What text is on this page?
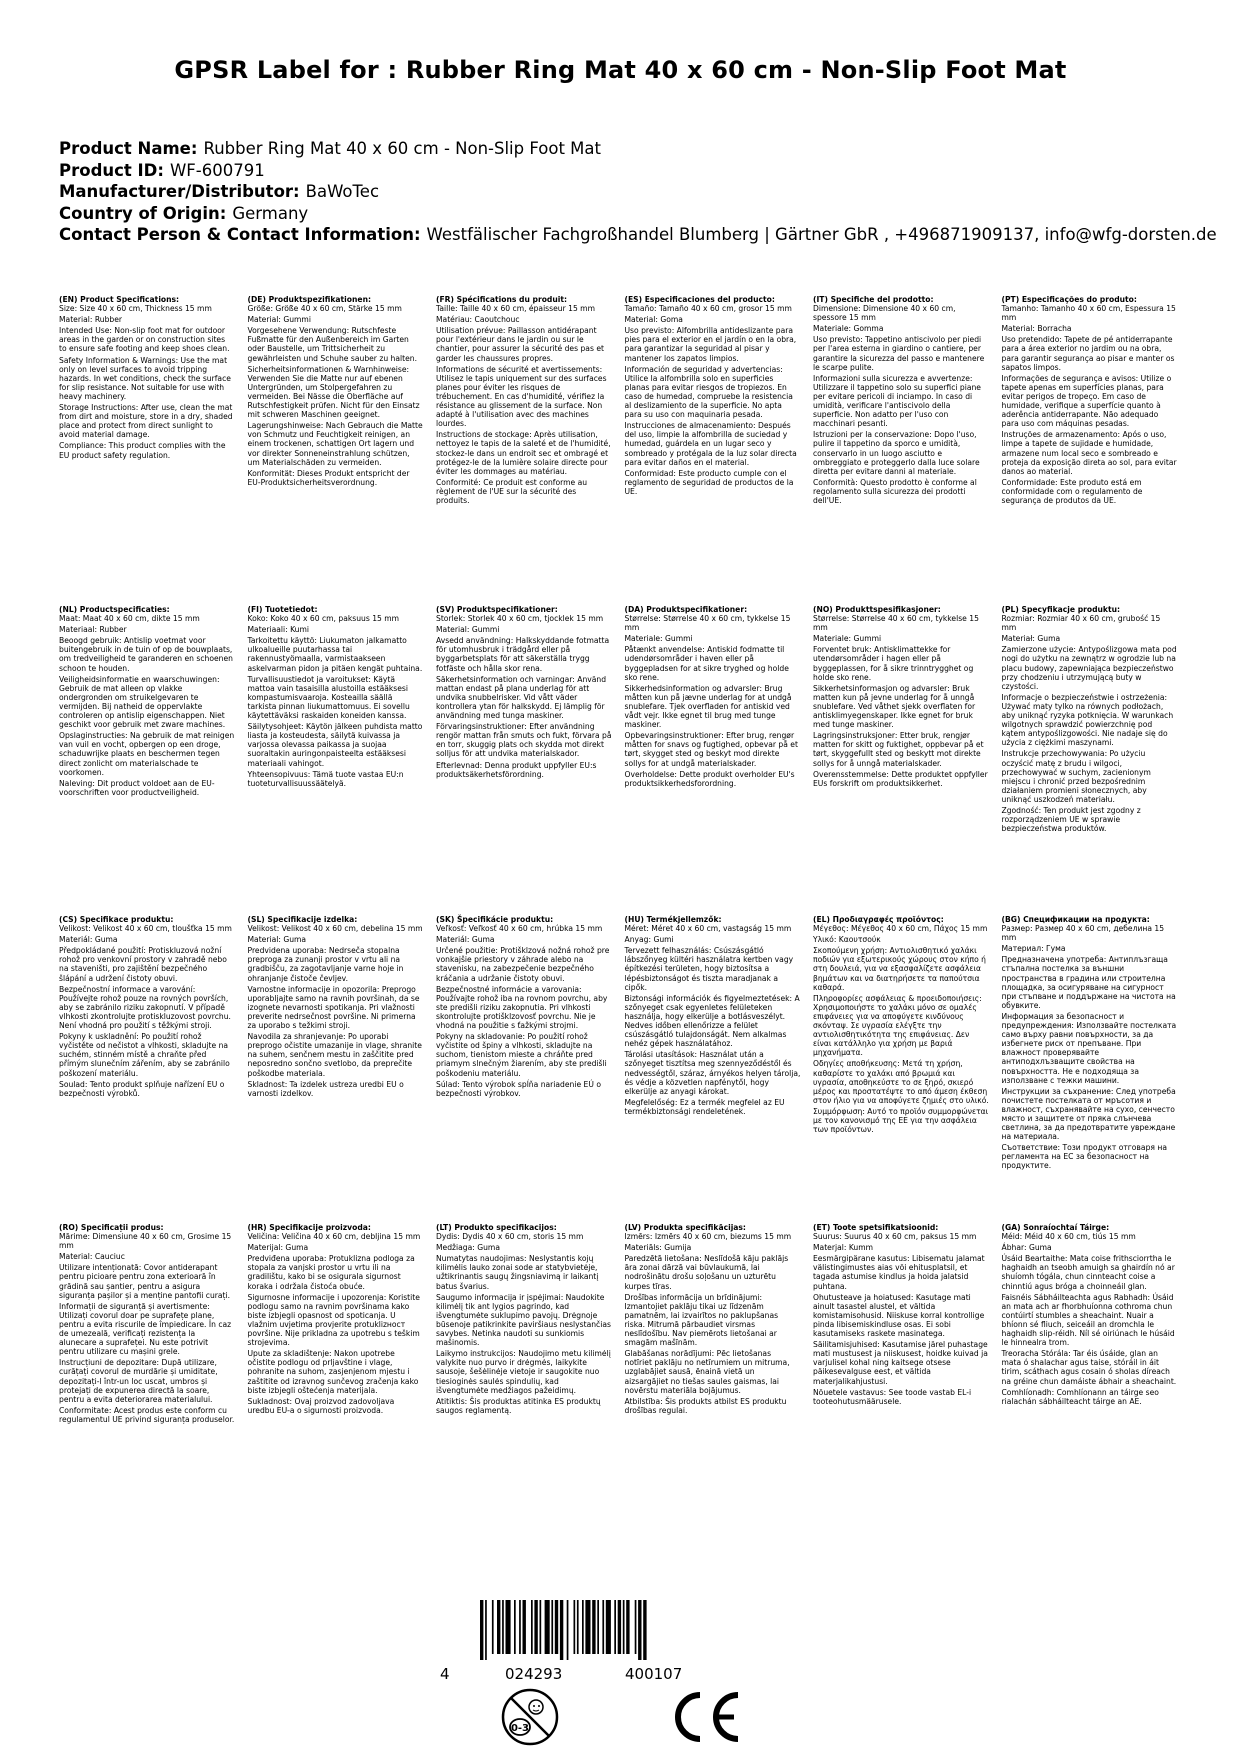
GPSR Label for : Rubber Ring Mat 40 x 60 cm - Non-Slip Foot Mat
Product Name: Rubber Ring Mat 40 x 60 cm - Non-Slip Foot Mat
Product ID: WF-600791
Manufacturer/Distributor: BaWoTec
Country of Origin: Germany
Contact Person & Contact Information: Westfälischer Fachgroßhandel Blumberg | Gärtner GbR , +496871909137, info@wfg-dorsten.de
(EN) Product Specifications:
Size: Size 40 x 60 cm, Thickness 15 mm
Material: Rubber
Intended Use: Non-slip foot mat for outdoor areas in the garden or on construction sites to ensure safe footing and keep shoes clean.
Safety Information & Warnings: Use the mat only on level surfaces to avoid tripping hazards. In wet conditions, check the surface for slip resistance. Not suitable for use with heavy machinery.
Storage Instructions: After use, clean the mat from dirt and moisture, store in a dry, shaded place and protect from direct sunlight to avoid material damage.
Compliance: This product complies with the EU product safety regulation.
(DE) Produktspezifikationen:
Größe: Größe 40 x 60 cm, Stärke 15 mm
Material: Gummi
Vorgesehene Verwendung: Rutschfeste Fußmatte für den Außenbereich im Garten oder Baustelle, um Trittsicherheit zu gewährleisten und Schuhe sauber zu halten.
Sicherheitsinformationen & Warnhinweise: Verwenden Sie die Matte nur auf ebenen Untergründen, um Stolpergefahren zu vermeiden. Bei Nässe die Oberfläche auf Rutschfestigkeit prüfen. Nicht für den Einsatz mit schweren Maschinen geeignet.
Lagerungshinweise: Nach Gebrauch die Matte von Schmutz und Feuchtigkeit reinigen, an einem trockenen, schattigen Ort lagern und vor direkter Sonneneinstrahlung schützen, um Materialschäden zu vermeiden.
Konformität: Dieses Produkt entspricht der EU-Produktsicherheitsverordnung.
(FR) Spécifications du produit:
Taille: Taille 40 x 60 cm, épaisseur 15 mm
Matériau: Caoutchouc
Utilisation prévue: Paillasson antidérapant pour l'extérieur dans le jardin ou sur le chantier, pour assurer la sécurité des pas et garder les chaussures propres.
Informations de sécurité et avertissements: Utilisez le tapis uniquement sur des surfaces planes pour éviter les risques de trébuchement. En cas d'humidité, vérifiez la résistance au glissement de la surface. Non adapté à l'utilisation avec des machines lourdes.
Instructions de stockage: Après utilisation, nettoyez le tapis de la saleté et de l'humidité, stockez-le dans un endroit sec et ombragé et protégez-le de la lumière solaire directe pour éviter les dommages au matériau.
Conformité: Ce produit est conforme au règlement de l'UE sur la sécurité des produits.
(ES) Especificaciones del producto:
Tamaño: Tamaño 40 x 60 cm, grosor 15 mm
Material: Goma
Uso previsto: Alfombrilla antideslizante para pies para el exterior en el jardín o en la obra, para garantizar la seguridad al pisar y mantener los zapatos limpios.
Información de seguridad y advertencias: Utilice la alfombrilla solo en superficies planas para evitar riesgos de tropiezos. En caso de humedad, compruebe la resistencia al deslizamiento de la superficie. No apta para su uso con maquinaria pesada.
Instrucciones de almacenamiento: Después del uso, limpie la alfombrilla de suciedad y humedad, guárdela en un lugar seco y sombreado y protégala de la luz solar directa para evitar daños en el material.
Conformidad: Este producto cumple con el reglamento de seguridad de productos de la UE.
(IT) Specifiche del prodotto:
Dimensione: Dimensione 40 x 60 cm, spessore 15 mm
Materiale: Gomma
Uso previsto: Tappetino antiscivolo per piedi per l'area esterna in giardino o cantiere, per garantire la sicurezza del passo e mantenere le scarpe pulite.
Informazioni sulla sicurezza e avvertenze: Utilizzare il tappetino solo su superfici piane per evitare pericoli di inciampo. In caso di umidità, verificare l'antiscivolo della superficie. Non adatto per l'uso con macchinari pesanti.
Istruzioni per la conservazione: Dopo l'uso, pulire il tappetino da sporco e umidità, conservarlo in un luogo asciutto e ombreggiato e proteggerlo dalla luce solare diretta per evitare danni al materiale.
Conformità: Questo prodotto è conforme al regolamento sulla sicurezza dei prodotti dell'UE.
(PT) Especificações do produto:
Tamanho: Tamanho 40 x 60 cm, Espessura 15 mm
Material: Borracha
Uso pretendido: Tapete de pé antiderrapante para a área exterior no jardim ou na obra, para garantir segurança ao pisar e manter os sapatos limpos.
Informações de segurança e avisos: Utilize o tapete apenas em superfícies planas, para evitar perigos de tropeço. Em caso de humidade, verifique a superfície quanto à aderência antiderrapante. Não adequado para uso com máquinas pesadas.
Instruções de armazenamento: Após o uso, limpe a tapete de sujidade e humidade, armazene num local seco e sombreado e proteja da exposição direta ao sol, para evitar danos ao material.
Conformidade: Este produto está em conformidade com o regulamento de segurança de produtos da UE.
(NL) Productspecificaties:
Maat: Maat 40 x 60 cm, dikte 15 mm
Materiaal: Rubber
Beoogd gebruik: Antislip voetmat voor buitengebruik in de tuin of op de bouwplaats, om tredveiligheid te garanderen en schoenen schoon te houden.
Veiligheidsinformatie en waarschuwingen: Gebruik de mat alleen op vlakke ondergronden om struikelgevaren te vermijden. Bij natheid de oppervlakte controleren op antislip eigenschappen. Niet geschikt voor gebruik met zware machines.
Opslaginstructies: Na gebruik de mat reinigen van vuil en vocht, opbergen op een droge, schaduwrijke plaats en beschermen tegen direct zonlicht om materialschade te voorkomen.
Naleving: Dit product voldoet aan de EU-voorschriften voor productveiligheid.
(FI) Tuotetiedot:
Koko: Koko 40 x 60 cm, paksuus 15 mm
Materiaali: Kumi
Tarkoitettu käyttö: Liukumaton jalkamatto ulkoalueille puutarhassa tai rakennustyömaalla, varmistaakseen askelvarman pidon ja pitäen kengät puhtaina.
Turvallisuustiedot ja varoitukset: Käytä mattoa vain tasaisilla alustoilla estääksesi kompastumisvaaroja. Kosteailla säällä tarkista pinnan liukumattomuus. Ei sovellu käytettäväksi raskaiden koneiden kanssa.
Säilytysohjeet: Käytön jälkeen puhdista matto liasta ja kosteudesta, säilytä kuivassa ja varjossa olevassa paikassa ja suojaa suoraltakin auringonpaisteelta estääksesi materiaali vahingot.
Yhteensopivuus: Tämä tuote vastaa EU:n tuoteturvallisuussäätelyä.
(SV) Produktspecifikationer:
Storlek: Storlek 40 x 60 cm, tjocklek 15 mm
Material: Gummi
Avsedd användning: Halkskyddande fotmatta för utomhusbruk i trädgård eller på byggarbetsplats för att säkerställa trygg fotfäste och hålla skor rena.
Säkerhetsinformation och varningar: Använd mattan endast på plana underlag för att undvika snubbelrisker. Vid vått väder kontrollera ytan för halkskydd. Ej lämplig för användning med tunga maskiner.
Förvaringsinstruktioner: Efter användning rengör mattan från smuts och fukt, förvara på en torr, skuggig plats och skydda mot direkt solljus för att undvika materialskador.
Efterlevnad: Denna produkt uppfyller EU:s produktsäkerhetsförordning.
(DA) Produktspecifikationer:
Størrelse: Størrelse 40 x 60 cm, tykkelse 15 mm
Materiale: Gummi
Påtænkt anvendelse: Antiskid fodmatte til udendørsområder i haven eller på byggepladsen for at sikre tryghed og holde sko rene.
Sikkerhedsinformation og advarsler: Brug måtten kun på jævne underlag for at undgå snublefare. Tjek overfladen for antiskid ved vådt vejr. Ikke egnet til brug med tunge maskiner.
Opbevaringsinstruktioner: Efter brug, rengør måtten for snavs og fugtighed, opbevar på et tørt, skygget sted og beskyt mod direkte sollys for at undgå materialskader.
Overholdelse: Dette produkt overholder EU's produktsikkerhedsforordning.
(NO) Produkttspesifikasjoner:
Størrelse: Størrelse 40 x 60 cm, tykkelse 15 mm
Materiale: Gummi
Forventet bruk: Antisklimattekke for utendørsområder i hagen eller på byggeplassen, for å sikre trinntrygghet og holde sko rene.
Sikkerhetsinformasjon og advarsler: Bruk matten kun på jevne underlag for å unngå snublefare. Ved våthet sjekk overflaten for antisklimyegenskaper. Ikke egnet for bruk med tunge maskiner.
Lagringsinstruksjoner: Etter bruk, rengjør matten for skitt og fuktighet, oppbevar på et tørt, skyggefullt sted og beskytt mot direkte sollys for å unngå materialskader.
Overensstemmelse: Dette produktet oppfyller EUs forskrift om produktsikkerhet.
(PL) Specyfikacje produktu:
Rozmiar: Rozmiar 40 x 60 cm, grubość 15 mm
Materiał: Guma
Zamierzone użycie: Antypoślizgowa mata pod nogi do użytku na zewnątrz w ogrodzie lub na placu budowy, zapewniająca bezpieczeństwo przy chodzeniu i utrzymującą buty w czystości.
Informacje o bezpieczeństwie i ostrzeżenia: Używać maty tylko na równych podłożach, aby uniknąć ryzyka potknięcia. W warunkach wilgotnych sprawdzić powierzchnię pod kątem antypoślizgowości. Nie nadaje się do użycia z ciężkimi maszynami.
Instrukcje przechowywania: Po użyciu oczyścić matę z brudu i wilgoci, przechowywać w suchym, zacienionym miejscu i chronić przed bezpośrednim działaniem promieni słonecznych, aby uniknąć uszkodzeń materiału.
Zgodność: Ten produkt jest zgodny z rozporządzeniem UE w sprawie bezpieczeństwa produktów.
(CS) Specifikace produktu:
Velikost: Velikost 40 x 60 cm, tloušťka 15 mm
Materiál: Guma
Předpokládané použití: Protiskluzová nožní rohož pro venkovní prostory v zahradě nebo na staveništi, pro zajištění bezpečného šlápání a udržení čistoty obuvi.
Bezpečnostní informace a varování: Používejte rohož pouze na rovných površích, aby se zabránilo riziku zakopnutí. V případě vlhkosti zkontrolujte protiskluzovost povrchu. Není vhodná pro použití s těžkými stroji.
Pokyny k uskladnění: Po použití rohož vyčistěte od nečistot a vlhkosti, skladujte na suchém, stinném místě a chraňte před přímým slunečním zářením, aby se zabránilo poškození materiálu.
Soulad: Tento produkt splňuje nařízení EU o bezpečnosti výrobků.
(SL) Specifikacije izdelka:
Velikost: Velikost 40 x 60 cm, debelina 15 mm
Material: Guma
Predvidena uporaba: Nedrseča stopalna preproga za zunanji prostor v vrtu ali na gradbišču, za zagotavljanje varne hoje in ohranjanje čistoče čevljev.
Varnostne informacije in opozorila: Preprogo uporabljajte samo na ravnih površinah, da se izognete nevarnosti spotikanja. Pri vlažnosti preverite nedrsečnost površine. Ni primerna za uporabo s težkimi stroji.
Navodila za shranjevanje: Po uporabi preprogo očistite umazanije in vlage, shranite na suhem, senčnem mestu in zaščitite pred neposredno sončno svetlobo, da preprečite poškodbe materiala.
Skladnost: Ta izdelek ustreza uredbi EU o varnosti izdelkov.
(SK) Špecifikácie produktu:
Veľkosť: Veľkosť 40 x 60 cm, hrúbka 15 mm
Materiál: Guma
Určené použitie: Protišklzová nožná rohož pre vonkajšie priestory v záhrade alebo na stavenisku, na zabezpečenie bezpečného kráčania a udržanie čistoty obuvi.
Bezpečnostné informácie a varovania: Používajte rohož iba na rovnom povrchu, aby ste predišli riziku zakopnutia. Pri vlhkosti skontrolujte protišklzovosť povrchu. Nie je vhodná na použitie s ťažkými strojmi.
Pokyny na skladovanie: Po použití rohož vyčistite od špiny a vlhkosti, skladujte na suchom, tienistom mieste a chráňte pred priamym slnečným žiarením, aby ste predišli poškodeniu materiálu.
Súlad: Tento výrobok spĺňa nariadenie EÚ o bezpečnosti výrobkov.
(HU) Termékjellemzők:
Méret: Méret 40 x 60 cm, vastagság 15 mm
Anyag: Gumi
Tervezett felhasználás: Csúszásgátló lábszőnyeg kültéri használatra kertben vagy építkezési területen, hogy biztosítsa a lépésbiztonságot és tiszta maradjanak a cipők.
Biztonsági információk és figyelmeztetések: A szőnyeget csak egyenletes felületeken használja, hogy elkerülje a botlásveszélyt. Nedves időben ellenőrizze a felület csúszásgátló tulajdonságát. Nem alkalmas nehéz gépek használatához.
Tárolási utasítások: Használat után a szőnyeget tisztítsa meg szennyeződéstől és nedvességtől, száraz, árnyékos helyen tárolja, és védje a közvetlen napfénytől, hogy elkerülje az anyagi károkat.
Megfelelőség: Ez a termék megfelel az EU termékbiztonsági rendeletének.
(EL) Προδιαγραφές προϊόντος:
Μέγεθος: Μέγεθος 40 x 60 cm, Πάχος 15 mm
Υλικό: Καουτσούκ
Σκοπούμενη χρήση: Αντιολισθητικό χαλάκι ποδιών για εξωτερικούς χώρους στον κήπο ή στη δουλειά, για να εξασφαλίζετε ασφάλεια βημάτων και να διατηρήσετε τα παπούτσια καθαρά.
Πληροφορίες ασφάλειας & προειδοποιήσεις: Χρησιμοποιήστε το χαλάκι μόνο σε ομαλές επιφάνειες για να αποφύγετε κινδύνους σκόνταψ. Σε υγρασία ελέγξτε την αντιολισθητικότητα της επιφάνειας. Δεν είναι κατάλληλο για χρήση με βαριά μηχανήματα.
Οδηγίες αποθήκευσης: Μετά τη χρήση, καθαρίστε το χαλάκι από βρωμιά και υγρασία, αποθηκεύστε το σε ξηρό, σκιερό μέρος και προστατέψτε το από άμεση έκθεση στον ήλιο για να αποφύγετε ζημιές στο υλικό.
Συμμόρφωση: Αυτό το προϊόν συμμορφώνεται με τον κανονισμό της ΕΕ για την ασφάλεια των προϊόντων.
(BG) Спецификации на продукта:
Размер: Размер 40 x 60 cm, дебелина 15 mm
Материал: Гума
Предназначена употреба: Антиплъзгаща стъпална постелка за външни пространства в градина или строителна площадка, за осигуряване на сигурност при стъпване и поддържане на чистота на обувките.
Информация за безопасност и предупреждения: Използвайте постелката само върху равни повърхности, за да избегнете риск от препъване. При влажност проверявайте антиподхлъзващите свойства на повърхността. Не е подходяща за използване с тежки машини.
Инструкции за съхранение: След употреба почистете постелката от мръсотия и влажност, съхранявайте на сухо, сенчесто място и защитете от пряка слънчева светлина, за да предотвратите увреждане на материала.
Съответствие: Този продукт отговаря на регламента на ЕС за безопасност на продуктите.
(RO) Specificații produs:
Mărime: Dimensiune 40 x 60 cm, Grosime 15 mm
Material: Cauciuc
Utilizare intenționată: Covor antiderapant pentru picioare pentru zona exterioară în grădină sau șantier, pentru a asigura siguranța pașilor și a menține pantofii curați.
Informații de siguranță și avertismente: Utilizați covorul doar pe suprafețe plane, pentru a evita riscurile de împiedicare. În caz de umezeală, verificați rezistența la alunecare a suprafeței. Nu este potrivit pentru utilizare cu mașini grele.
Instrucțiuni de depozitare: După utilizare, curățați covorul de murdărie și umiditate, depozitați-l într-un loc uscat, umbros și protejați de expunerea directă la soare, pentru a evita deteriorarea materialului.
Conformitate: Acest produs este conform cu regulamentul UE privind siguranța produselor.
(HR) Specifikacije proizvoda:
Veličina: Veličina 40 x 60 cm, debljina 15 mm
Materijal: Guma
Predviđena uporaba: Protuklizna podloga za stopala za vanjski prostor u vrtu ili na gradilištu, kako bi se osigurala sigurnost koraka i održala čistoća obuće.
Sigurnosne informacije i upozorenja: Koristite podlogu samo na ravnim površinama kako biste izbjegli opasnost od spoticanja. U vlažnim uvjetima provjerite protuklizност površine. Nije prikladna za upotrebu s teškim strojevima.
Upute za skladištenje: Nakon upotrebe očistite podlogu od prljavštine i vlage, pohranite na suhom, zasjenjenom mjestu i zaštitite od izravnog sunčevog zračenja kako biste izbjegli oštećenja materijala.
Sukladnost: Ovaj proizvod zadovoljava uredbu EU-a o sigurnosti proizvoda.
(LT) Produkto specifikacijos:
Dydis: Dydis 40 x 60 cm, storis 15 mm
Medžiaga: Guma
Numatytas naudojimas: Neslystantis kojų kilimėlis lauko zonai sode ar statybvietėje, užtikrinantis saugų žingsniavimą ir laikantį batus švarius.
Saugumo informacija ir įspėjimai: Naudokite kilimėlį tik ant lygios pagrindo, kad išvengtumėte suklupimo pavojų. Drėgnoje būsenoje patikrinkite paviršiaus neslystančias savybes. Netinka naudoti su sunkiomis mašinomis.
Laikymo instrukcijos: Naudojimo metu kilimėlį valykite nuo purvo ir drėgmės, laikykite sausoje, šešėlinėje vietoje ir saugokite nuo tiesioginės saulės spindulių, kad išvengtumėte medžiagos pažeidimų.
Atitiktis: Šis produktas atitinka ES produktų saugos reglamentą.
(LV) Produkta specifikācijas:
Izmērs: Izmērs 40 x 60 cm, biezums 15 mm
Materiāls: Gumija
Paredzētā lietošana: Neslīdošā kāju paklājs āra zonai dārzā vai būvlaukumā, lai nodrošinātu drošu soļošanu un uzturētu kurpes tīras.
Drošības informācija un brīdinājumi: Izmantojiet paklāju tikai uz līdzenām pamatnēm, lai izvairītos no paklupšanas riska. Mitrumā pārbaudiet virsmas neslīdošību. Nav piemērots lietošanai ar smagām mašīnām.
Glabāšanas norādījumi: Pēc lietošanas notīriet paklāju no netīrumiem un mitruma, uzglabājiet sausā, ēnainā vietā un aizsargājiet no tiešas saules gaismas, lai novērstu materiāla bojājumus.
Atbilstība: Šis produkts atbilst ES produktu drošības regulai.
(ET) Toote spetsifikatsioonid:
Suurus: Suurus 40 x 60 cm, paksus 15 mm
Materjal: Kumm
Eesmärgipärane kasutus: Libisematu jalamat välistingimustes aias või ehitusplatsil, et tagada astumise kindlus ja hoida jalatsid puhtana.
Ohutusteave ja hoiatused: Kasutage mati ainult tasastel alustel, et vältida komistamisohusid. Niiskuse korral kontrollige pinda libisemiskindluse osas. Ei sobi kasutamiseks raskete masinatega.
Säilitamisjuhised: Kasutamise järel puhastage mati mustusest ja niiskusest, hoidke kuivad ja varjulisel kohal ning kaitsege otsese päikesevalguse eest, et vältida materjalikahjustusi.
Nõuetele vastavus: See toode vastab EL-i tooteohutusmäärusele.
(GA) Sonraíochtaí Táirge:
Méid: Méid 40 x 60 cm, tiús 15 mm
Ábhar: Guma
Úsáid Beartaithe: Mata coise frithsciorrtha le haghaidh an tseobh amuigh sa ghairdín nó ar shuíomh tógála, chun cinnteacht coise a chinntiú agus bróga a choinneáil glan.
Faisnéis Sábháilteachta agus Rabhadh: Úsáid an mata ach ar fhorbhuíonna cothroma chun contúirtí stumbles a sheachaint. Nuair a bhíonn sé fliuch, seiceáil an dromchla le haghaidh slip-réidh. Níl sé oiriúnach le húsáid le hinnealra trom.
Treoracha Stórála: Tar éis úsáide, glan an mata ó shalachar agus taise, stóráil in áit tirim, scáthach agus cosain ó sholas díreach na gréine chun damáiste ábhair a sheachaint.
Comhlíonadh: Comhlíonann an táirge seo rialachán sábháilteacht táirge an AE.
4	024293	400107
0-3
